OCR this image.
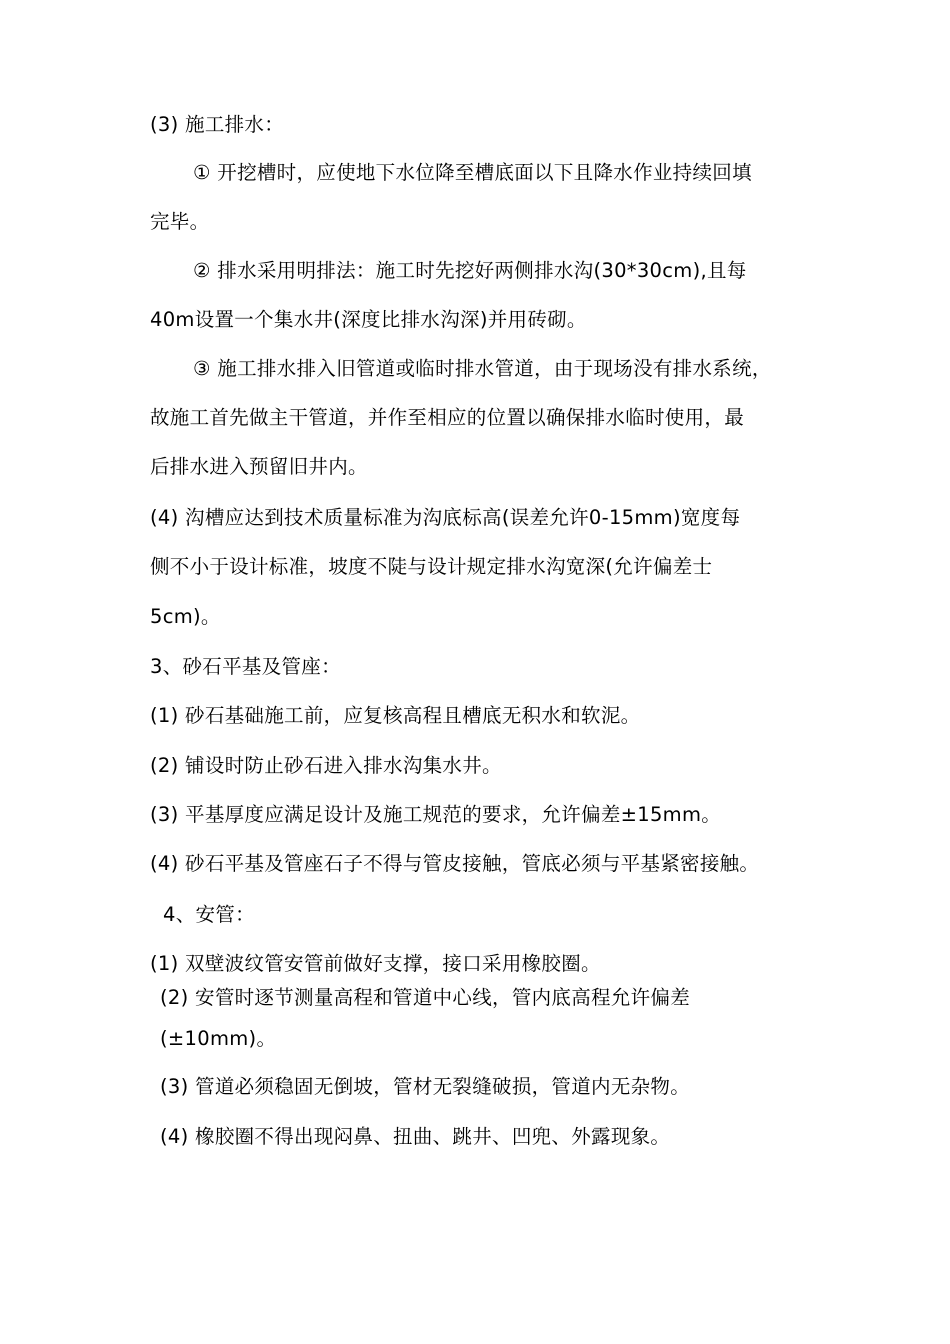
(3) 施工排水：
① 开挖槽时，应使地下水位降至槽底面以下且降水作业持续回填
完毕。
② 排水采用明排法：施工时先挖好两侧排水沟(30*30cm),且每
40m设置一个集水井(深度比排水沟深)并用砖砌。
③ 施工排水排入旧管道或临时排水管道，由于现场没有排水系统，
故施工首先做主干管道，并作至相应的位置以确保排水临时使用，最
后排水进入预留旧井内。
(4) 沟槽应达到技术质量标准为沟底标高(误差允许0-15mm)宽度每
侧不小于设计标准，坡度不陡与设计规定排水沟宽深(允许偏差士
5cm)。
3、砂石平基及管座：
(1) 砂石基础施工前，应复核高程且槽底无积水和软泥。
(2) 铺设时防止砂石进入排水沟集水井。
(3) 平基厚度应满足设计及施工规范的要求，允许偏差±15mm。
(4) 砂石平基及管座石子不得与管皮接触，管底必须与平基紧密接触。
4、安管：
(1) 双壁波纹管安管前做好支撑，接口采用橡胶圈。
(2) 安管时逐节测量高程和管道中心线，管内底高程允许偏差
(±10mm)。
(3) 管道必须稳固无倒坡，管材无裂缝破损，管道内无杂物。
(4) 橡胶圈不得出现闷鼻、扭曲、跳井、凹兜、外露现象。
